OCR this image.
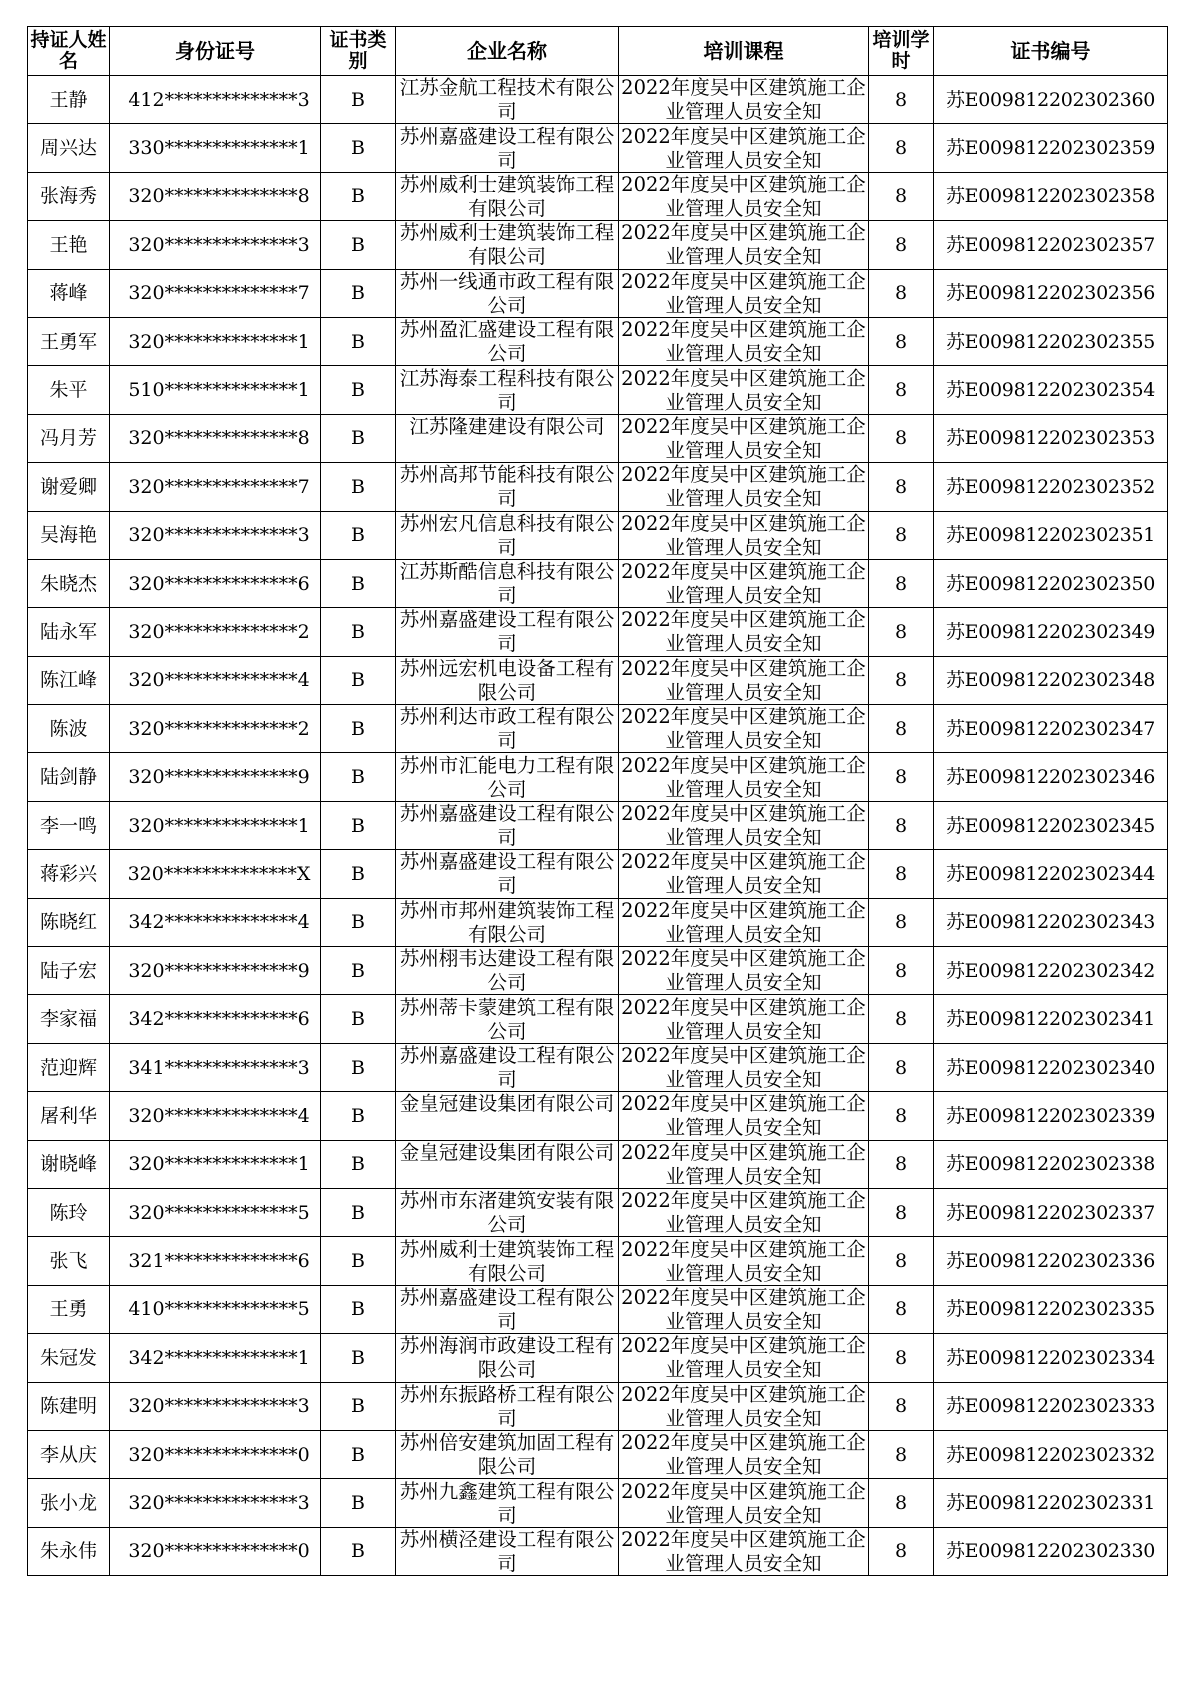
持证人姓名	身份证号	证书类别	企业名称	培训课程	培训学时	证书编号
王静	412**************3	B	江苏金航工程技术有限公司	2022年度吴中区建筑施工企业管理人员安全知	8	苏E009812202302360
周兴达	330**************1	B	苏州嘉盛建设工程有限公司	2022年度吴中区建筑施工企业管理人员安全知	8	苏E009812202302359
张海秀	320**************8	B	苏州威利士建筑装饰工程有限公司	2022年度吴中区建筑施工企业管理人员安全知	8	苏E009812202302358
王艳	320**************3	B	苏州威利士建筑装饰工程有限公司	2022年度吴中区建筑施工企业管理人员安全知	8	苏E009812202302357
蒋峰	320**************7	B	苏州一线通市政工程有限公司	2022年度吴中区建筑施工企业管理人员安全知	8	苏E009812202302356
王勇军	320**************1	B	苏州盈汇盛建设工程有限公司	2022年度吴中区建筑施工企业管理人员安全知	8	苏E009812202302355
朱平	510**************1	B	江苏海泰工程科技有限公司	2022年度吴中区建筑施工企业管理人员安全知	8	苏E009812202302354
冯月芳	320**************8	B	江苏隆建建设有限公司	2022年度吴中区建筑施工企业管理人员安全知	8	苏E009812202302353
谢爱卿	320**************7	B	苏州高邦节能科技有限公司	2022年度吴中区建筑施工企业管理人员安全知	8	苏E009812202302352
吴海艳	320**************3	B	苏州宏凡信息科技有限公司	2022年度吴中区建筑施工企业管理人员安全知	8	苏E009812202302351
朱晓杰	320**************6	B	江苏斯酷信息科技有限公司	2022年度吴中区建筑施工企业管理人员安全知	8	苏E009812202302350
陆永军	320**************2	B	苏州嘉盛建设工程有限公司	2022年度吴中区建筑施工企业管理人员安全知	8	苏E009812202302349
陈江峰	320**************4	B	苏州远宏机电设备工程有限公司	2022年度吴中区建筑施工企业管理人员安全知	8	苏E009812202302348
陈波	320**************2	B	苏州利达市政工程有限公司	2022年度吴中区建筑施工企业管理人员安全知	8	苏E009812202302347
陆剑静	320**************9	B	苏州市汇能电力工程有限公司	2022年度吴中区建筑施工企业管理人员安全知	8	苏E009812202302346
李一鸣	320**************1	B	苏州嘉盛建设工程有限公司	2022年度吴中区建筑施工企业管理人员安全知	8	苏E009812202302345
蒋彩兴	320**************X	B	苏州嘉盛建设工程有限公司	2022年度吴中区建筑施工企业管理人员安全知	8	苏E009812202302344
陈晓红	342**************4	B	苏州市邦州建筑装饰工程有限公司	2022年度吴中区建筑施工企业管理人员安全知	8	苏E009812202302343
陆子宏	320**************9	B	苏州栩韦达建设工程有限公司	2022年度吴中区建筑施工企业管理人员安全知	8	苏E009812202302342
李家福	342**************6	B	苏州蒂卡蒙建筑工程有限公司	2022年度吴中区建筑施工企业管理人员安全知	8	苏E009812202302341
范迎辉	341**************3	B	苏州嘉盛建设工程有限公司	2022年度吴中区建筑施工企业管理人员安全知	8	苏E009812202302340
屠利华	320**************4	B	金皇冠建设集团有限公司	2022年度吴中区建筑施工企业管理人员安全知	8	苏E009812202302339
谢晓峰	320**************1	B	金皇冠建设集团有限公司	2022年度吴中区建筑施工企业管理人员安全知	8	苏E009812202302338
陈玲	320**************5	B	苏州市东渚建筑安装有限公司	2022年度吴中区建筑施工企业管理人员安全知	8	苏E009812202302337
张飞	321**************6	B	苏州威利士建筑装饰工程有限公司	2022年度吴中区建筑施工企业管理人员安全知	8	苏E009812202302336
王勇	410**************5	B	苏州嘉盛建设工程有限公司	2022年度吴中区建筑施工企业管理人员安全知	8	苏E009812202302335
朱冠发	342**************1	B	苏州海润市政建设工程有限公司	2022年度吴中区建筑施工企业管理人员安全知	8	苏E009812202302334
陈建明	320**************3	B	苏州东振路桥工程有限公司	2022年度吴中区建筑施工企业管理人员安全知	8	苏E009812202302333
李从庆	320**************0	B	苏州倍安建筑加固工程有限公司	2022年度吴中区建筑施工企业管理人员安全知	8	苏E009812202302332
张小龙	320**************3	B	苏州九鑫建筑工程有限公司	2022年度吴中区建筑施工企业管理人员安全知	8	苏E009812202302331
朱永伟	320**************0	B	苏州横泾建设工程有限公司	2022年度吴中区建筑施工企业管理人员安全知	8	苏E009812202302330
